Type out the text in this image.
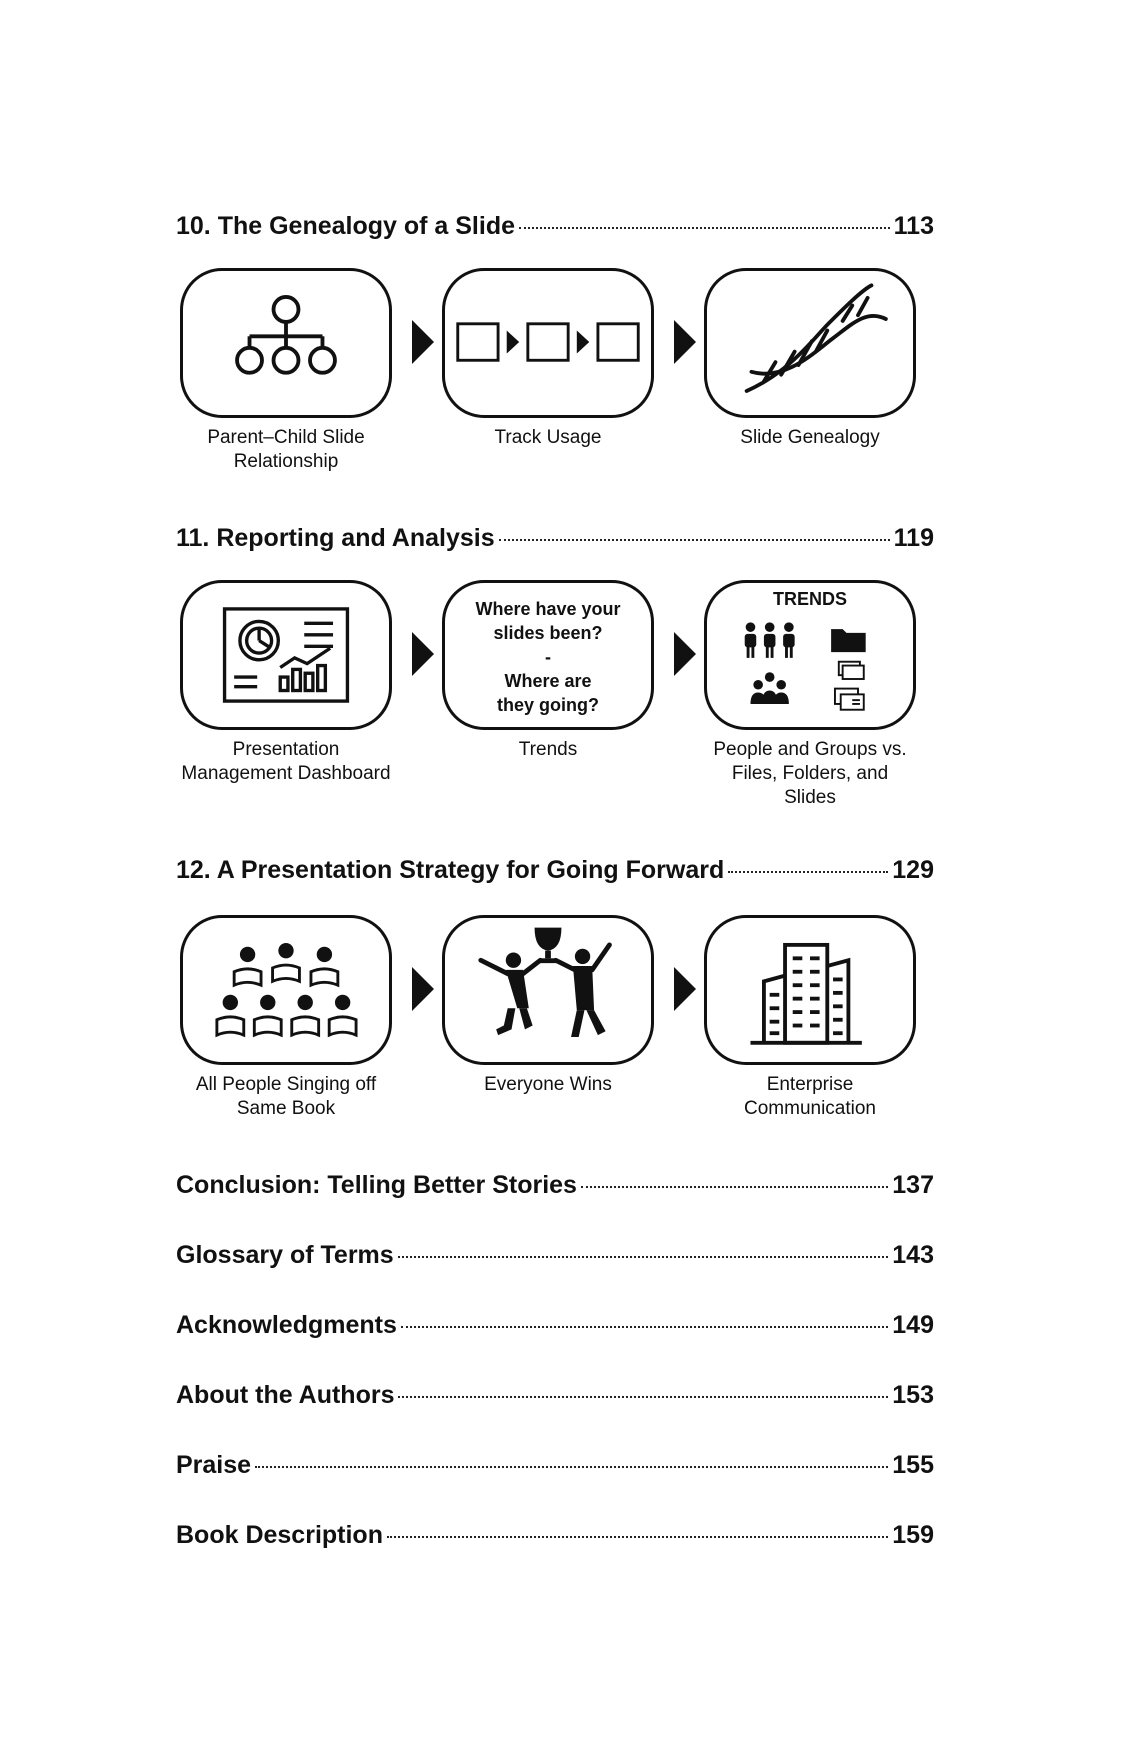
10. The Genealogy of a Slide	113
Parent–Child Slide
Relationship
Track Usage	Slide Genealogy
11. Reporting and Analysis	119
Where have your
slides been?
-
Where are
they going?
TRENDS
Presentation
Management Dashboard
Trends	People and Groups vs.
Files, Folders, and
Slides
12. A Presentation Strategy for Going Forward	129
All People Singing off
Same Book
Everyone Wins	Enterprise
Communication
Conclusion: Telling Better Stories	137
Glossary of Terms	143
Acknowledgments	149
About the Authors	153
Praise	155
Book Description	159
